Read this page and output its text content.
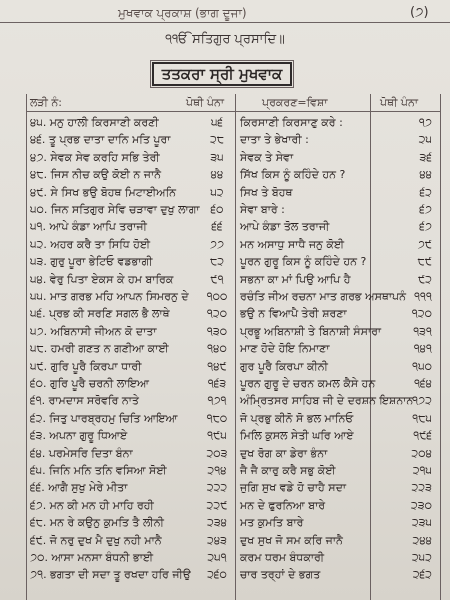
ਮੁਖਵਾਕ ਪ੍ਰਕਾਸ਼ (ਭਾਗ ਦੂਜਾ)	(੭)
੧ੴ ਸਤਿਗੁਰ ਪ੍ਰਸਾਦਿ॥
ਤਤਕਰਾ ਸ੍ਰੀ ਮੁਖਵਾਕ
ਲੜੀ ਨੰ:	ਪੋਥੀ ਪੰਨਾ	ਪ੍ਰਕਰਣ=ਵਿਸ਼ਾ	ਪੋਥੀ ਪੰਨਾ
੪੫. ਮਨੁ ਹਾਲੀ ਕਿਰਸਾਣੀ ਕਰਣੀ	੫੬	ਕਿਰਸਾਣੀ ਕਿਰਸਾਣੁ ਕਰੇ :	੧੭
੪੬. ਤੂ ਪ੍ਰਭ ਦਾਤਾ ਦਾਨਿ ਮਤਿ ਪੂਰਾ	੨੮	ਦਾਤਾ ਤੇ ਭੇਖਾਰੀ :	੨੫
੪੭. ਸੇਵਕ ਸੇਵ ਕਰਹਿ ਸਭਿ ਤੇਰੀ	੩੫	ਸੇਵਕ ਤੇ ਸੇਵਾ	੩੬
੪੮. ਜਿਸ ਨੀਚ ਕਉ ਕੋਈ ਨ ਜਾਨੈ	੪੪	ਸਿੱਖ ਕਿਸ ਨੂੰ ਕਹਿੰਦੇ ਹਨ ?	੪੪
੪੯. ਸੇ ਸਿਖ ਭਉ ਬੋਹਥ ਮਿਟਾਈਅਨਿ	੫੨	ਸਿਖ ਤੇ ਬੋਹਥ	੬੨
੫੦. ਜਿਨ ਸਤਿਗੁਰ ਸੇਵਿ ਚੜਾਵਾ ਦੁਖੁ ਲਾਗਾ	੬੦	ਸੇਵਾ ਬਾਰੇ :	੬੭
੫੧. ਆਪੇ ਕੰਡਾ ਆਪਿ ਤਰਾਜੀ	੬੬	ਆਪੇ ਕੰਡਾ ਤੋਲ ਤਰਾਜੀ	੬੭
੫੨. ਅਹਰ ਕਰੈ ਤਾ ਸਿਧਿ ਹੋਈ	੭੭	ਮਨ ਅਸਾਧੁ ਸਾਧੈ ਜਨੁ ਕੋਈ	੭੯
੫੩. ਗੁਰੁ ਪੂਰਾ ਭੇਟਿਓ ਵਡਭਾਗੀ	੮੨	ਪੂਰਨ ਗੁਰੂ ਕਿਸ ਨੂੰ ਕਹਿੰਦੇ ਹਨ ?	੮੯
੫੪. ਵੇਰੁ ਪਿਤਾ ਏਕਸ ਕੇ ਹਮ ਬਾਰਿਕ	੯੧	ਸਭਨਾ ਕਾ ਮਾਂ ਪਿਉ ਆਪਿ ਹੈ	੯੨
੫੫. ਮਾਤ ਗਰਭ ਮਹਿ ਆਪਨ ਸਿਮਰਨੁ ਦੇ	੧੦੦	ਰਚੰਤਿ ਜੀਅ ਰਚਨਾ ਮਾਤ ਗਰਭ ਅਸਥਾਪਨੰ ੧੧੧
੫੬. ਪ੍ਰਭ ਕੀ ਸਰਣਿ ਸਗਲ ਭੈ ਲਾਥੇ	੧੨੦	ਭਉ ਨ ਵਿਆਪੈ ਤੇਰੀ ਸ਼ਰਣਾ	੧੨੦
੫੭. ਅਬਿਨਾਸੀ ਜੀਅਨ ਕੋ ਦਾਤਾ	੧੩੦	ਪ੍ਰਭੂ ਅਬਿਨਾਸ਼ੀ ਤੇ ਬਿਨਾਸ਼ੀ ਸੰਸਾਰਾ	੧੩੧
੫੮. ਹਮਰੀ ਗਣਤ ਨ ਗਣੀਆ ਕਾਈ	੧੪੦	ਮਾਣ ਹੋਦੇ ਹੋਇ ਨਿਮਾਣਾ	੧੪੧
੫੯. ਗੁਰਿ ਪੂਰੈ ਕਿਰਪਾ ਧਾਰੀ	੧੪੯	ਗੁਰ ਪੂਰੈ ਕਿਰਪਾ ਕੀਨੀ	੧੫੦
੬੦. ਗੁਰਿ ਪੂਰੈ ਚਰਨੀ ਲਾਇਆ	੧੬੩	ਪੂਰਨ ਗੁਰੂ ਦੇ ਚਰਨ ਕਮਲ ਕੈਸੇ ਹਨ	੧੬੪
੬੧. ਰਾਮਦਾਸ ਸਰੋਵਰਿ ਨਾਤੇ	੧੭੧	ਅੰਮ੍ਰਿਤਸਰ ਸਾਹਿਬ ਜੀ ਦੇ ਦਰਸ਼ਨ ਇਸ਼ਨਾਨ
੧੭੨
੬੨. ਜਿਤੁ ਪਾਰਬ੍ਰਹਮੁ ਚਿਤਿ ਆਇਆ	੧੮੦	ਜੋ ਪ੍ਰਭੁ ਕੀਨੋ ਸੋ ਭਲ ਮਾਨਿਓ	੧੮੫
੬੩. ਅਪਨਾ ਗੁਰੂ ਧਿਆਏ	੧੯੫	ਮਿਲਿ ਕੁਸਲ ਸੇਤੀ ਘਰਿ ਆਏ	੧੯੬
੬੪. ਪਰਮੇਸਰਿ ਦਿਤਾ ਬੰਨਾ	੨੦੩	ਦੁਖ ਰੋਗ ਕਾ ਡੇਰਾ ਭੰਨਾ	੨੦੪
੬੫. ਜਿਨਿ ਮਨਿ ਤਨਿ ਵਸਿਆ ਸੋਈ	੨੧੪	ਜੈ ਜੈ ਕਾਰੁ ਕਰੈ ਸਭੁ ਕੋਈ	੨੧੫
੬੬. ਆਗੈ ਸੁਖੁ ਮੇਰੇ ਮੀਤਾ	੨੨੨	ਜੁਗਿ ਸੁਖ ਵਡੇ ਹੋ ਚਾਹੈ ਸਦਾ	੨੨੩
੬੭. ਮਨ ਕੀ ਮਨ ਹੀ ਮਾਹਿ ਰਹੀ	੨੨੯	ਮਨ ਦੇ ਫੁਰਨਿਆ ਬਾਰੇ	੨੩੦
੬੮. ਮਨ ਰੇ ਕਉਨੁ ਕੁਮਤਿ ਤੈ ਲੀਨੀ	੨੩੪	ਮਤ ਕੁਮਤਿ ਬਾਰੇ	੨੩੫
੬੯. ਜੋ ਨਰੁ ਦੁਖ ਮੈ ਦੁਖੁ ਨਹੀ ਮਾਨੈ	੨੪੩	ਦੁਖ ਸੁਖ ਜੋ ਸਮ ਕਰਿ ਜਾਨੈ	੨੪੪
੭੦. ਆਸਾ ਮਨਸਾ ਬੰਧਨੀ ਭਾਈ	੨੫੧	ਕਰਮ ਧਰਮ ਬੰਧਕਾਰੀ	੨੫੨
੭੧. ਭਗਤਾ ਦੀ ਸਦਾ ਤੂ ਰਖਦਾ ਹਰਿ ਜੀਉ	੨੬੦	ਚਾਰ ਤਰ੍ਹਾਂ ਦੇ ਭਗਤ	੨੬੨
